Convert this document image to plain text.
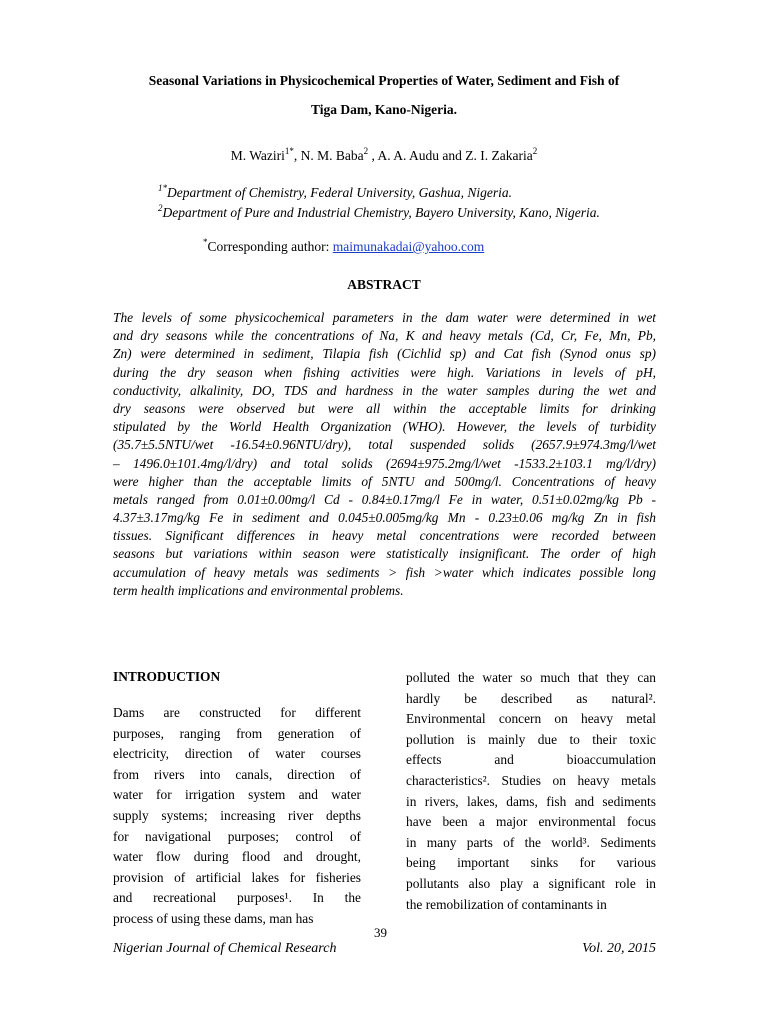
Seasonal Variations in Physicochemical Properties of Water, Sediment and Fish of
Tiga Dam, Kano-Nigeria.
M. Waziri$^{1*}$, N. M. Baba$^2$ , A. A. Audu and Z. I. Zakaria$^2$
$^{1*}$Department of Chemistry, Federal University, Gashua, Nigeria.
$^2$Department of Pure and Industrial Chemistry, Bayero University, Kano, Nigeria.
*Corresponding author: maimunakadai@yahoo.com
ABSTRACT
The levels of some physicochemical parameters in the dam water were determined in wet
and dry seasons while the concentrations of Na, K and heavy metals (Cd, Cr, Fe, Mn, Pb,
Zn) were determined in sediment, Tilapia fish (Cichlid sp) and Cat fish (Synod onus sp)
during the dry season when fishing activities were high. Variations in levels of pH,
conductivity, alkalinity, DO, TDS and hardness in the water samples during the wet and
dry seasons were observed but were all within the acceptable limits for drinking
stipulated by the World Health Organization (WHO). However, the levels of turbidity
(35.7±5.5NTU/wet -16.54±0.96NTU/dry), total suspended solids (2657.9±974.3mg/l/wet
– 1496.0±101.4mg/l/dry) and total solids (2694±975.2mg/l/wet -1533.2±103.1 mg/l/dry)
were higher than the acceptable limits of 5NTU and 500mg/l. Concentrations of heavy
metals ranged from 0.01±0.00mg/l Cd - 0.84±0.17mg/l Fe in water, 0.51±0.02mg/kg Pb -
4.37±3.17mg/kg Fe in sediment and 0.045±0.005mg/kg Mn - 0.23±0.06 mg/kg Zn in fish
tissues. Significant differences in heavy metal concentrations were recorded between
seasons but variations within season were statistically insignificant. The order of high
accumulation of heavy metals was sediments > fish >water which indicates possible long
term health implications and environmental problems.
INTRODUCTION
Dams are constructed for different
purposes, ranging from generation of
electricity, direction of water courses
from rivers into canals, direction of
water for irrigation system and water
supply systems; increasing river depths
for navigational purposes; control of
water flow during flood and drought,
provision of artificial lakes for fisheries
and recreational purposes¹. In the
process of using these dams, man has
polluted the water so much that they can
hardly be described as natural².
Environmental concern on heavy metal
pollution is mainly due to their toxic
effects and bioaccumulation
characteristics². Studies on heavy metals
in rivers, lakes, dams, fish and sediments
have been a major environmental focus
in many parts of the world³. Sediments
being important sinks for various
pollutants also play a significant role in
the remobilization of contaminants in
39
Nigerian Journal of Chemical Research	Vol. 20, 2015
